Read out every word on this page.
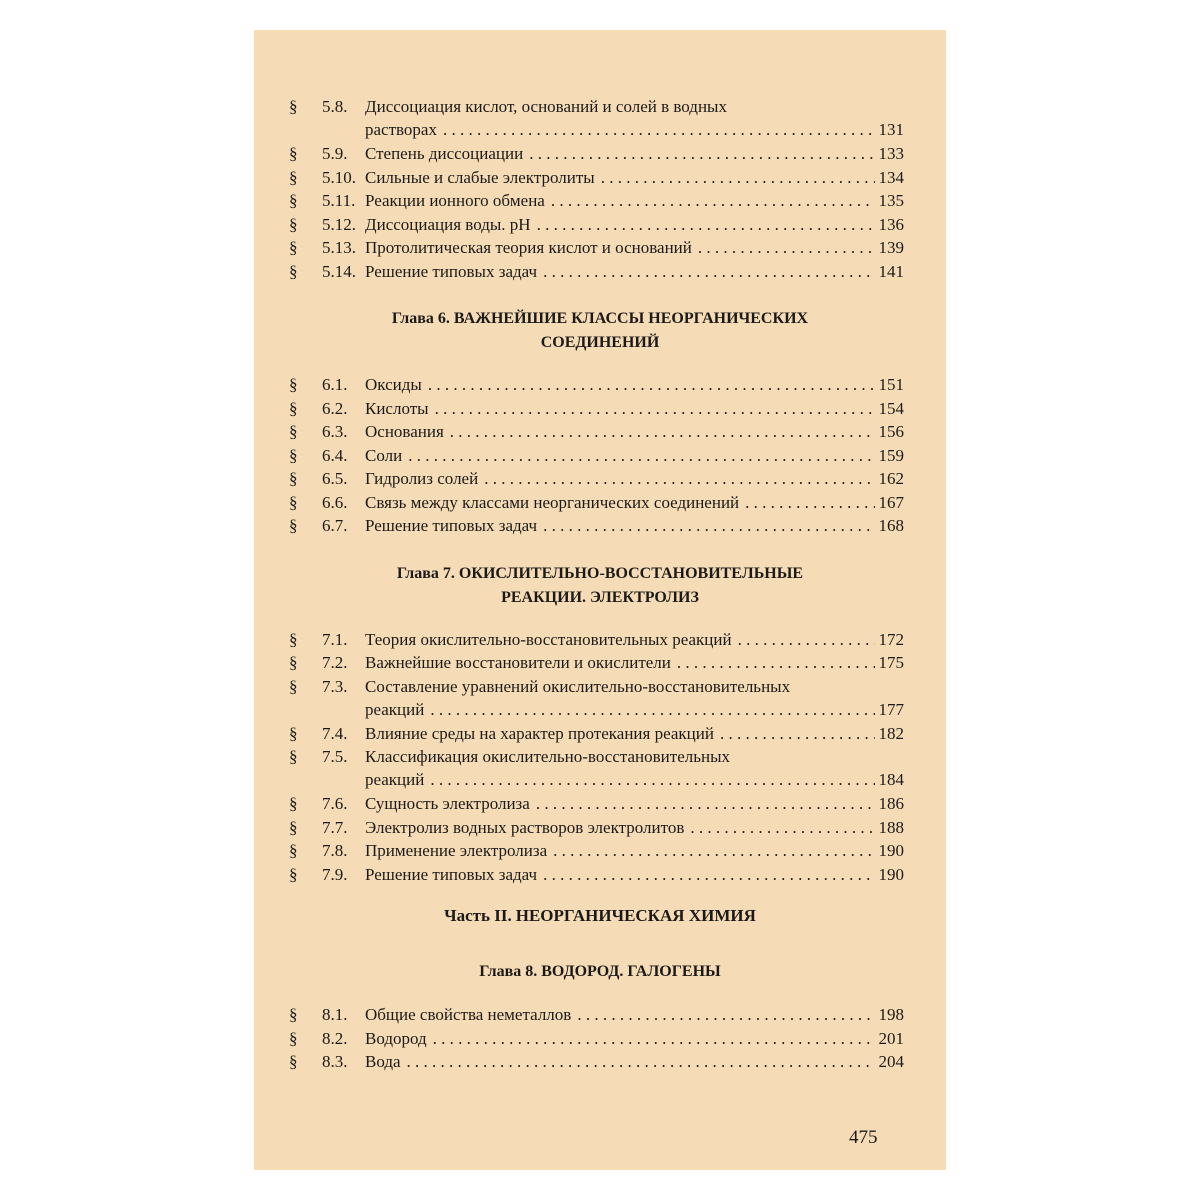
§ 5.8. Диссоциация кислот, оснований и солей в водных
растворах . . .	131
§ 5.9. Степень диссоциации . . .	133
§ 5.10. Сильные и слабые электролиты . . .	134
§ 5.11. Реакции ионного обмена . . .	135
§ 5.12. Диссоциация воды. рН . . .	136
§ 5.13. Протолитическая теория кислот и оснований . . .	139
§ 5.14. Решение типовых задач . . .	141
Глава 6. ВАЖНЕЙШИЕ КЛАССЫ НЕОРГАНИЧЕСКИХ
СОЕДИНЕНИЙ
§ 6.1. Оксиды . . .	151
§ 6.2. Кислоты . . .	154
§ 6.3. Основания . . .	156
§ 6.4. Соли . . .	159
§ 6.5. Гидролиз солей . . .	162
§ 6.6. Связь между классами неорганических соединений . . .	167
§ 6.7. Решение типовых задач . . .	168
Глава 7. ОКИСЛИТЕЛЬНО-ВОССТАНОВИТЕЛЬНЫЕ
РЕАКЦИИ. ЭЛЕКТРОЛИЗ
§ 7.1. Теория окислительно-восстановительных реакций . . .	172
§ 7.2. Важнейшие восстановители и окислители . . .	175
§ 7.3. Составление уравнений окислительно-восстановительных
реакций . . .	177
§ 7.4. Влияние среды на характер протекания реакций . . .	182
§ 7.5. Классификация окислительно-восстановительных
реакций . . .	184
§ 7.6. Сущность электролиза . . .	186
§ 7.7. Электролиз водных растворов электролитов . . .	188
§ 7.8. Применение электролиза . . .	190
§ 7.9. Решение типовых задач . . .	190
Часть II. НЕОРГАНИЧЕСКАЯ ХИМИЯ
Глава 8. ВОДОРОД. ГАЛОГЕНЫ
§ 8.1. Общие свойства неметаллов . . .	198
§ 8.2. Водород . . .	201
§ 8.3. Вода . . .	204
475
